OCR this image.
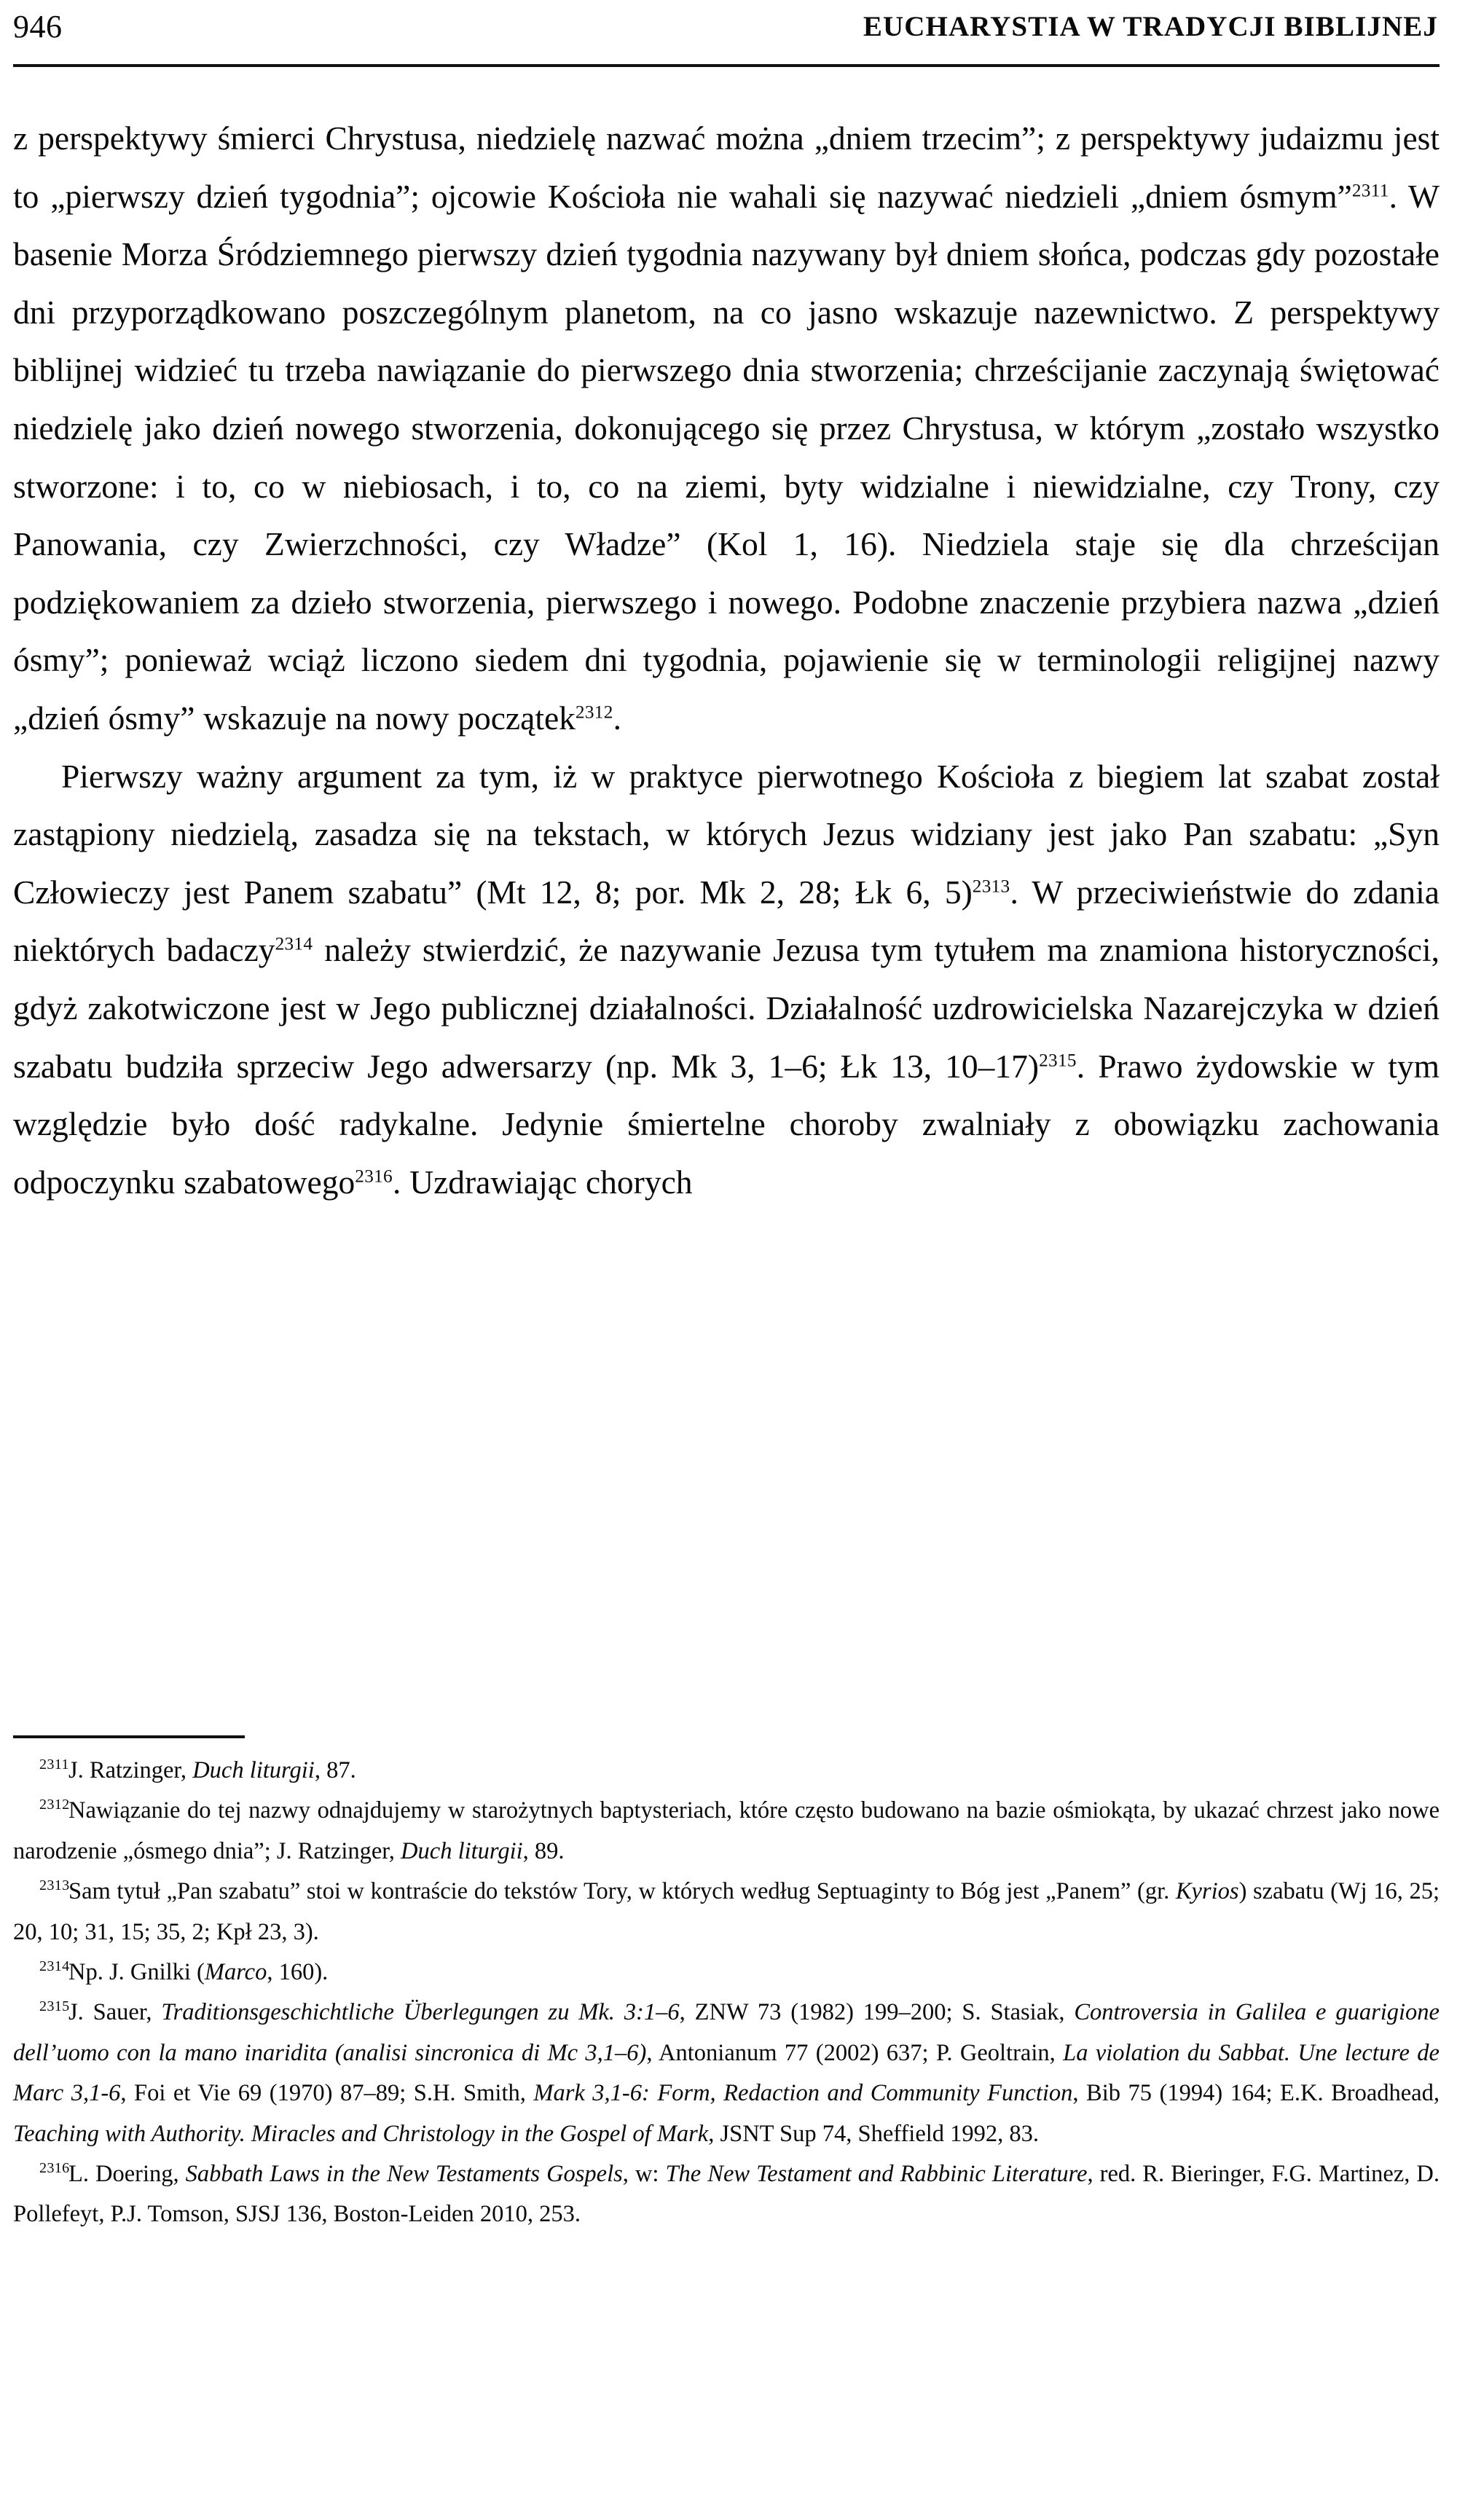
946	EUCHARYSTIA W TRADYCJI BIBLIJNEJ

z perspektywy śmierci Chrystusa, niedzielę nazwać można „dniem trzecim”; z perspektywy judaizmu jest to „pierwszy dzień tygodnia”; ojcowie Kościoła nie wahali się nazywać niedzieli „dniem ósmym”$^{2311}$. W basenie Morza Śródziemnego pierwszy dzień tygodnia nazywany był dniem słońca, podczas gdy pozostałe dni przyporządkowano poszczególnym planetom, na co jasno wskazuje nazewnictwo. Z perspektywy biblijnej widzieć tu trzeba nawiązanie do pierwszego dnia stworzenia; chrześcijanie zaczynają świętować niedzielę jako dzień nowego stworzenia, dokonującego się przez Chrystusa, w którym „zostało wszystko stworzone: i to, co w niebiosach, i to, co na ziemi, byty widzialne i niewidzialne, czy Trony, czy Panowania, czy Zwierzchności, czy Władze” (Kol 1, 16). Niedziela staje się dla chrześcijan podziękowaniem za dzieło stworzenia, pierwszego i nowego. Podobne znaczenie przybiera nazwa „dzień ósmy”; ponieważ wciąż liczono siedem dni tygodnia, pojawienie się w terminologii religijnej nazwy „dzień ósmy” wskazuje na nowy początek$^{2312}$.

Pierwszy ważny argument za tym, iż w praktyce pierwotnego Kościoła z biegiem lat szabat został zastąpiony niedzielą, zasadza się na tekstach, w których Jezus widziany jest jako Pan szabatu: „Syn Człowieczy jest Panem szabatu” (Mt 12, 8; por. Mk 2, 28; Łk 6, 5)$^{2313}$. W przeciwieństwie do zdania niektórych badaczy$^{2314}$ należy stwierdzić, że nazywanie Jezusa tym tytułem ma znamiona historyczności, gdyż zakotwiczone jest w Jego publicznej działalności. Działalność uzdrowicielska Nazarejczyka w dzień szabatu budziła sprzeciw Jego adwersarzy (np. Mk 3, 1–6; Łk 13, 10–17)$^{2315}$. Prawo żydowskie w tym względzie było dość radykalne. Jedynie śmiertelne choroby zwalniały z obowiązku zachowania odpoczynku szabatowego$^{2316}$. Uzdrawiając chorych

2311J. Ratzinger, Duch liturgii, 87.

2312Nawiązanie do tej nazwy odnajdujemy w starożytnych baptysteriach, które często budowano na bazie ośmiokąta, by ukazać chrzest jako nowe narodzenie „ósmego dnia”; J. Ratzinger, Duch liturgii, 89.

2313Sam tytuł „Pan szabatu” stoi w kontraście do tekstów Tory, w których według Septuaginty to Bóg jest „Panem” (gr. Kyrios) szabatu (Wj 16, 25; 20, 10; 31, 15; 35, 2; Kpł 23, 3).

2314Np. J. Gnilki (Marco, 160).

2315J. Sauer, Traditionsgeschichtliche Überlegungen zu Mk. 3:1–6, ZNW 73 (1982) 199–200; S. Stasiak, Controversia in Galilea e guarigione dell’uomo con la mano inaridita (analisi sincronica di Mc 3,1–6), Antonianum 77 (2002) 637; P. Geoltrain, La violation du Sabbat. Une lecture de Marc 3,1-6, Foi et Vie 69 (1970) 87–89; S.H. Smith, Mark 3,1-6: Form, Redaction and Community Function, Bib 75 (1994) 164; E.K. Broadhead, Teaching with Authority. Miracles and Christology in the Gospel of Mark, JSNT Sup 74, Sheffield 1992, 83.

2316L. Doering, Sabbath Laws in the New Testaments Gospels, w: The New Testament and Rabbinic Literature, red. R. Bieringer, F.G. Martinez, D. Pollefeyt, P.J. Tomson, SJSJ 136, Boston-Leiden 2010, 253.
